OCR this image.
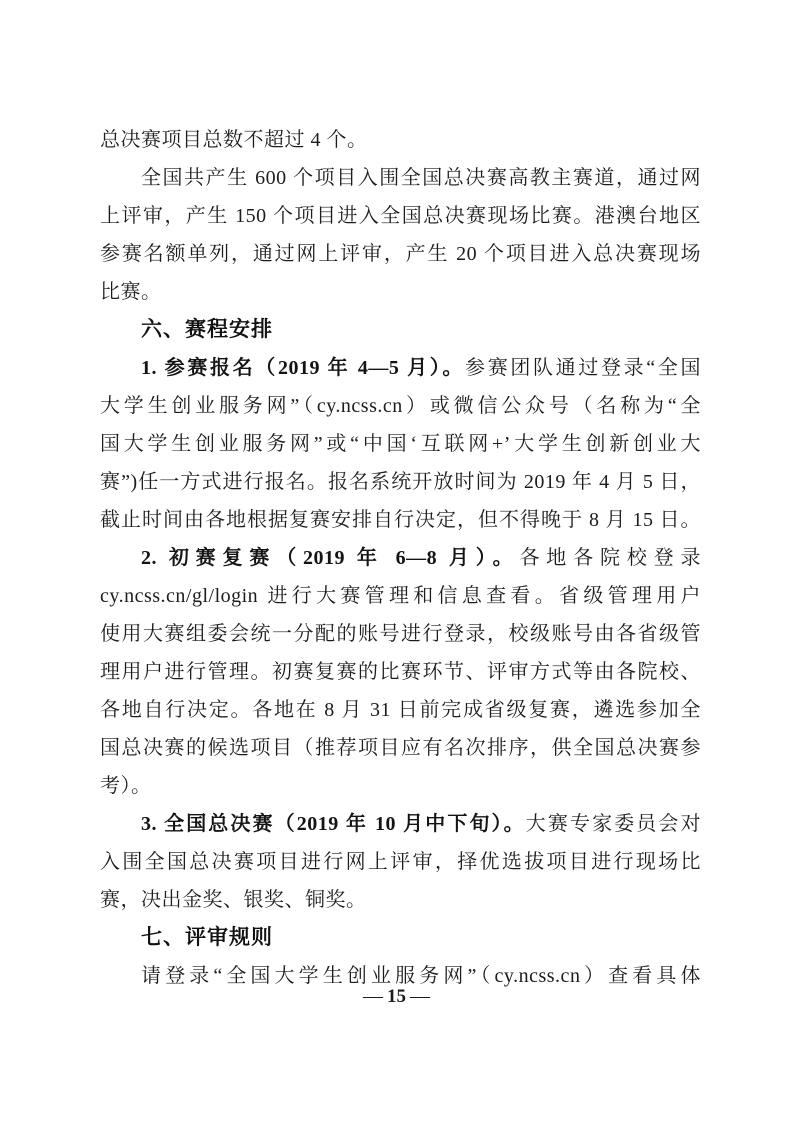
总决赛项目总数不超过 4 个。
全国共产生 600 个项目入围全国总决赛高教主赛道，通过网
上评审，产生 150 个项目进入全国总决赛现场比赛。港澳台地区
参赛名额单列，通过网上评审，产生 20 个项目进入总决赛现场
比赛。
六、赛程安排
1. 参赛报名（2019 年 4—5 月）。参赛团队通过登录“全国
大学生创业服务网”（cy.ncss.cn）或微信公众号（名称为“全
国大学生创业服务网”或“中国‘互联网+’大学生创新创业大
赛”)任一方式进行报名。报名系统开放时间为 2019 年 4 月 5 日，
截止时间由各地根据复赛安排自行决定，但不得晚于 8 月 15 日。
2. 初赛复赛（2019 年 6—8 月）。各地各院校登录
cy.ncss.cn/gl/login 进行大赛管理和信息查看。省级管理用户
使用大赛组委会统一分配的账号进行登录，校级账号由各省级管
理用户进行管理。初赛复赛的比赛环节、评审方式等由各院校、
各地自行决定。各地在 8 月 31 日前完成省级复赛，遴选参加全
国总决赛的候选项目（推荐项目应有名次排序，供全国总决赛参
考）。
3. 全国总决赛（2019 年 10 月中下旬）。大赛专家委员会对
入围全国总决赛项目进行网上评审，择优选拔项目进行现场比
赛，决出金奖、银奖、铜奖。
七、评审规则
请登录“全国大学生创业服务网”（cy.ncss.cn）查看具体
— 15 —
